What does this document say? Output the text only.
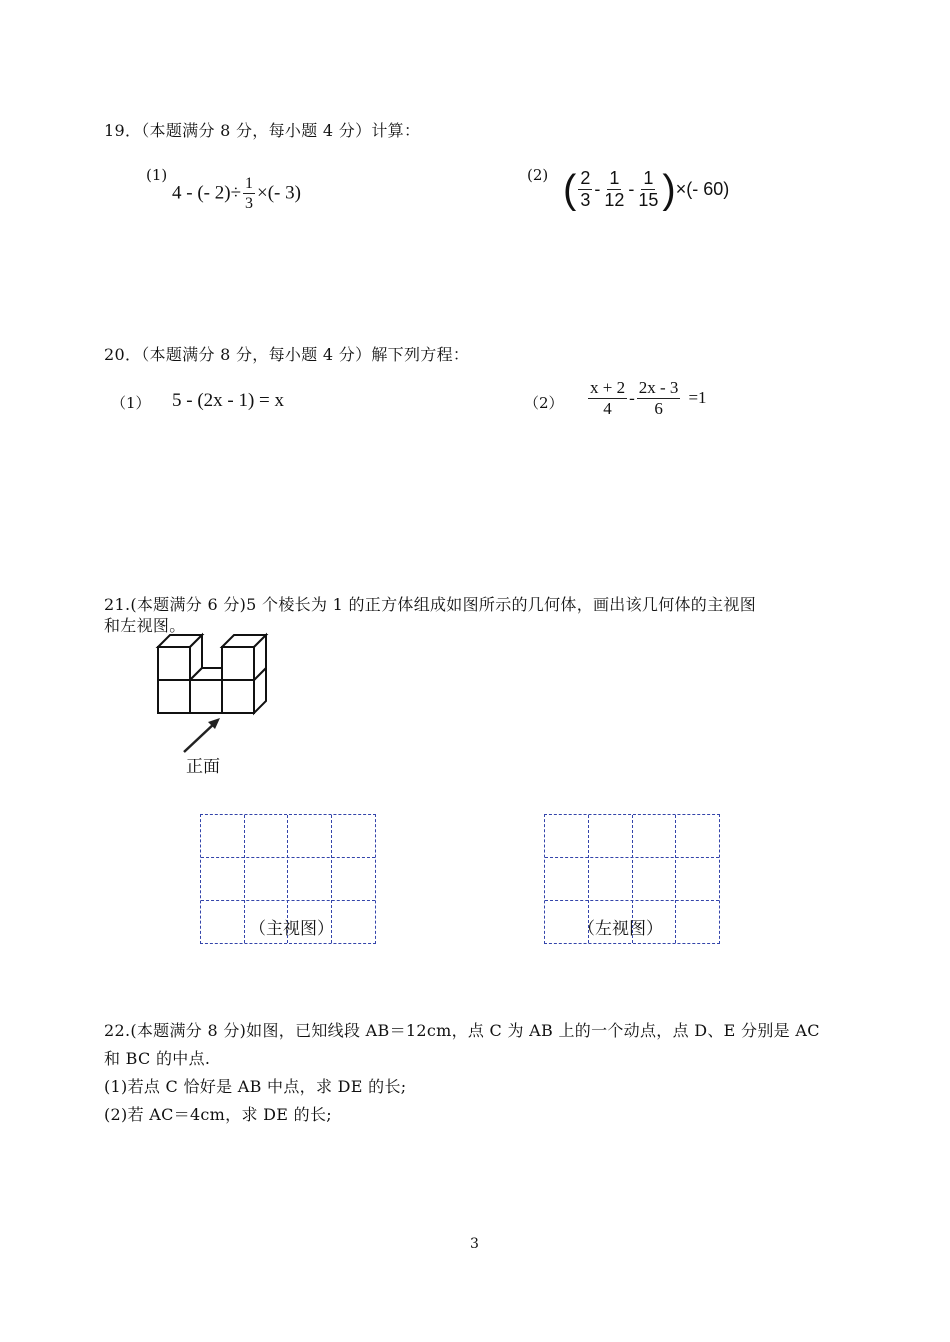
19．（本题满分 8 分，每小题 4 分）计算：
(1)
4 - (- $2)\div \frac{1}{3}$ ×(- 3)
(2) ( $\frac{2}{3} - \frac{1}{12} - \frac{1}{15}$ )×(- 60)
20．（本题满分 8 分，每小题 4 分）解下列方程：
（1） 5 - (2x - 1) = x	$(2) \frac{x + 2}{4} - \frac{2x - 3}{6} =1$
21.(本题满分 6 分)5 个棱长为 1 的正方体组成如图所示的几何体，画出该几何体的主视图
和左视图。
正面
（主视图）	（左视图）
22.(本题满分 8 分)如图，已知线段 AB＝12cm，点 C 为 AB 上的一个动点，点 D、E 分别是 AC
和 BC 的中点.
(1)若点 C 恰好是 AB 中点，求 DE 的长;
(2)若 AC＝4cm，求 DE 的长;
3
